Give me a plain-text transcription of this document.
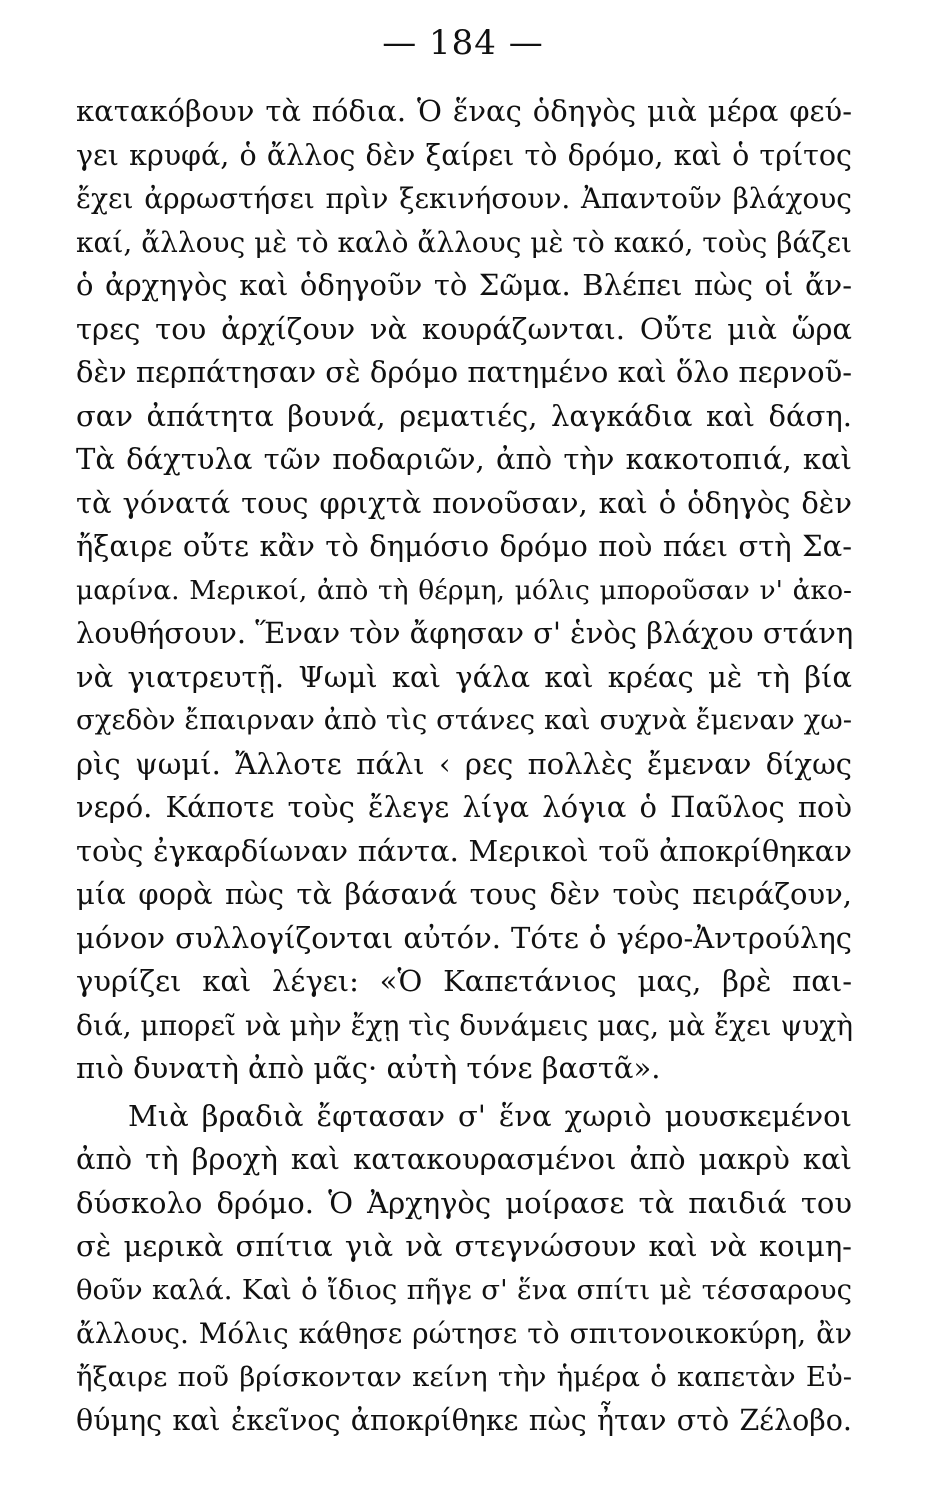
— 184 —
κατακόβουν τὰ πόδια. Ὁ ἕνας ὁδηγὸς μιὰ μέρα φεύ-
γει κρυφά, ὁ ἄλλος δὲν ξαίρει τὸ δρόμο, καὶ ὁ τρίτος
ἔχει ἀρρωστήσει πρὶν ξεκινήσουν. Ἀπαντοῦν βλάχους
καί, ἄλλους μὲ τὸ καλὸ ἄλλους μὲ τὸ κακό, τοὺς βάζει
ὁ ἀρχηγὸς καὶ ὁδηγοῦν τὸ Σῶμα. Βλέπει πὼς οἱ ἄν-
τρες του ἀρχίζουν νὰ κουράζωνται. Οὔτε μιὰ ὥρα
δὲν περπάτησαν σὲ δρόμο πατημένο καὶ ὅλο περνοῦ-
σαν ἀπάτητα βουνά, ρεματιές, λαγκάδια καὶ δάση.
Τὰ δάχτυλα τῶν ποδαριῶν, ἀπὸ τὴν κακοτοπιά, καὶ
τὰ γόνατά τους φριχτὰ πονοῦσαν, καὶ ὁ ὁδηγὸς δὲν
ἤξαιρε οὔτε κἂν τὸ δημόσιο δρόμο ποὺ πάει στὴ Σα-
μαρίνα. Μερικοί, ἀπὸ τὴ θέρμη, μόλις μποροῦσαν ν' ἀκο-
λουθήσουν. Ἕναν τὸν ἄφησαν σ' ἑνὸς βλάχου στάνη
νὰ γιατρευτῇ. Ψωμὶ καὶ γάλα καὶ κρέας μὲ τὴ βία
σχεδὸν ἔπαιρναν ἀπὸ τὶς στάνες καὶ συχνὰ ἔμεναν χω-
ρὶς ψωμί. Ἄλλοτε πάλι ‹ ρες πολλὲς ἔμεναν δίχως
νερό. Κάποτε τοὺς ἔλεγε λίγα λόγια ὁ Παῦλος ποὺ
τοὺς ἐγκαρδίωναν πάντα. Μερικοὶ τοῦ ἀποκρίθηκαν
μία φορὰ πὼς τὰ βάσανά τους δὲν τοὺς πειράζουν,
μόνον συλλογίζονται αὐτόν. Τότε ὁ γέρο-Ἀντρούλης
γυρίζει καὶ λέγει: «Ὁ Καπετάνιος μας, βρὲ παι-
διά, μπορεῖ νὰ μὴν ἔχῃ τὶς δυνάμεις μας, μὰ ἔχει ψυχὴ
πιὸ δυνατὴ ἀπὸ μᾶς· αὐτὴ τόνε βαστᾶ».
Μιὰ βραδιὰ ἔφτασαν σ' ἕνα χωριὸ μουσκεμένοι
ἀπὸ τὴ βροχὴ καὶ κατακουρασμένοι ἀπὸ μακρὺ καὶ
δύσκολο δρόμο. Ὁ Ἀρχηγὸς μοίρασε τὰ παιδιά του
σὲ μερικὰ σπίτια γιὰ νὰ στεγνώσουν καὶ νὰ κοιμη-
θοῦν καλά. Καὶ ὁ ἴδιος πῆγε σ' ἕνα σπίτι μὲ τέσσαρους
ἄλλους. Μόλις κάθησε ρώτησε τὸ σπιτονοικοκύρη, ἂν
ἤξαιρε ποῦ βρίσκονταν κείνη τὴν ἡμέρα ὁ καπετὰν Εὐ-
θύμης καὶ ἐκεῖνος ἀποκρίθηκε πὼς ἦταν στὸ Ζέλοβο.
